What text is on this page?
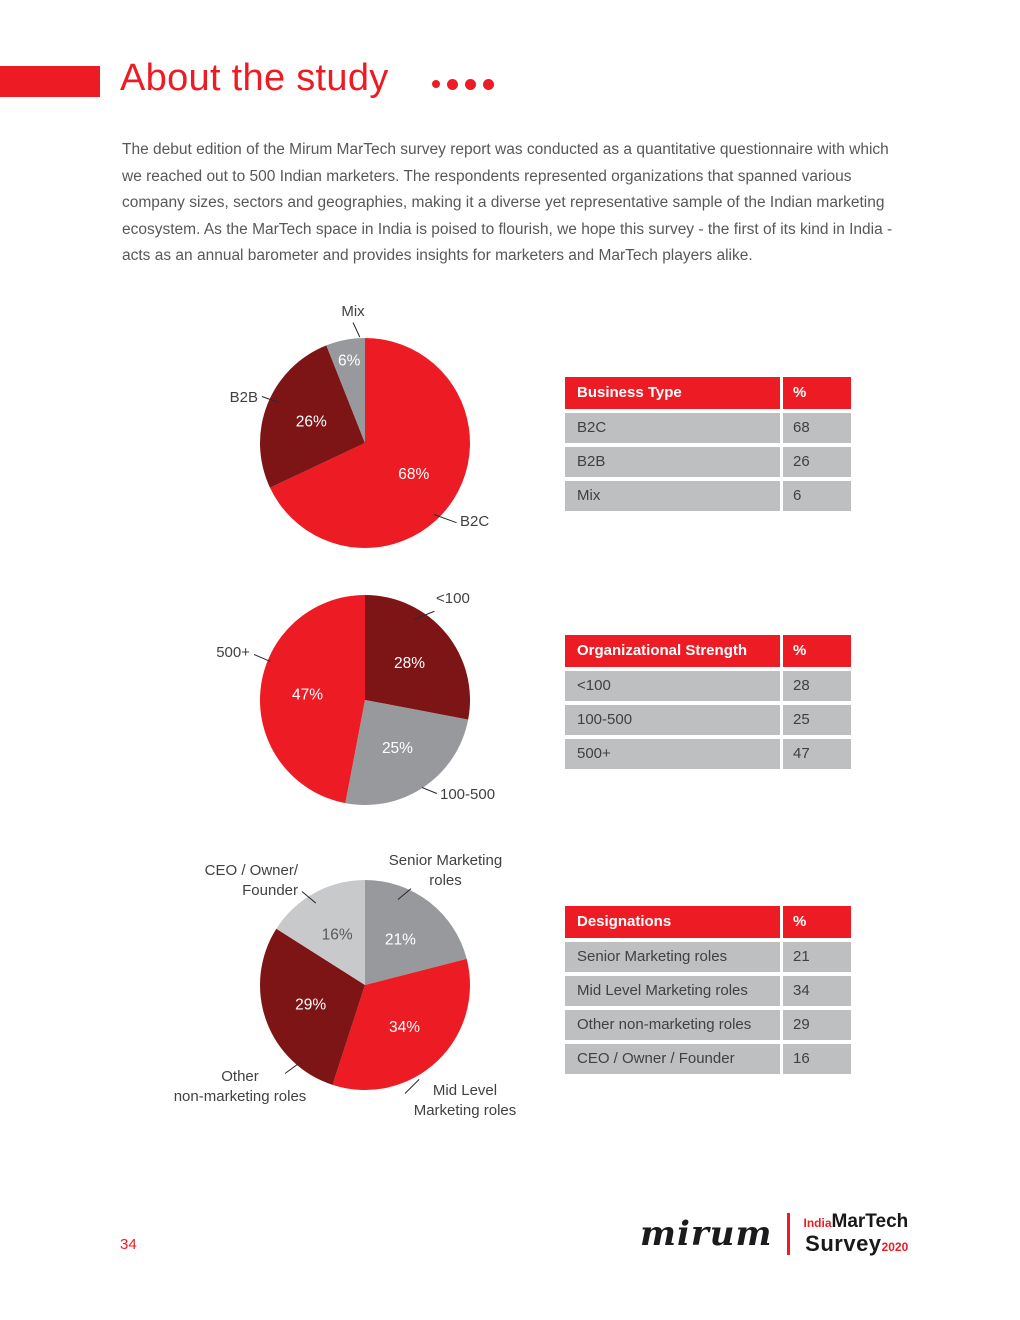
About the study

The debut edition of the Mirum MarTech survey report was conducted as a quantitative questionnaire with which we reached out to 500 Indian marketers. The respondents represented organizations that spanned various company sizes, sectors and geographies, making it a diverse yet representative sample of the Indian marketing ecosystem. As the MarTech space in India is poised to flourish, we hope this survey - the first of its kind in India - acts as an annual barometer and provides insights for marketers and MarTech players alike.

68%
26%
6%
Mix
B2B
B2C
Business Type	%
B2C	68
B2B	26
Mix	6
28%
25%
47%
<100
500+
100-500
Organizational Strength	%
<100	28
100-500	25
500+	47
21%
34%
29%
16%
Senior Marketing
roles
CEO / Owner/
Founder
Other
non-marketing roles	Mid Level
Marketing roles
Designations	%
Senior Marketing roles	21
Mid Level Marketing roles	34
Other non-marketing roles	29
CEO / Owner / Founder	16
34	mirum	India MarTech
Survey 2020
